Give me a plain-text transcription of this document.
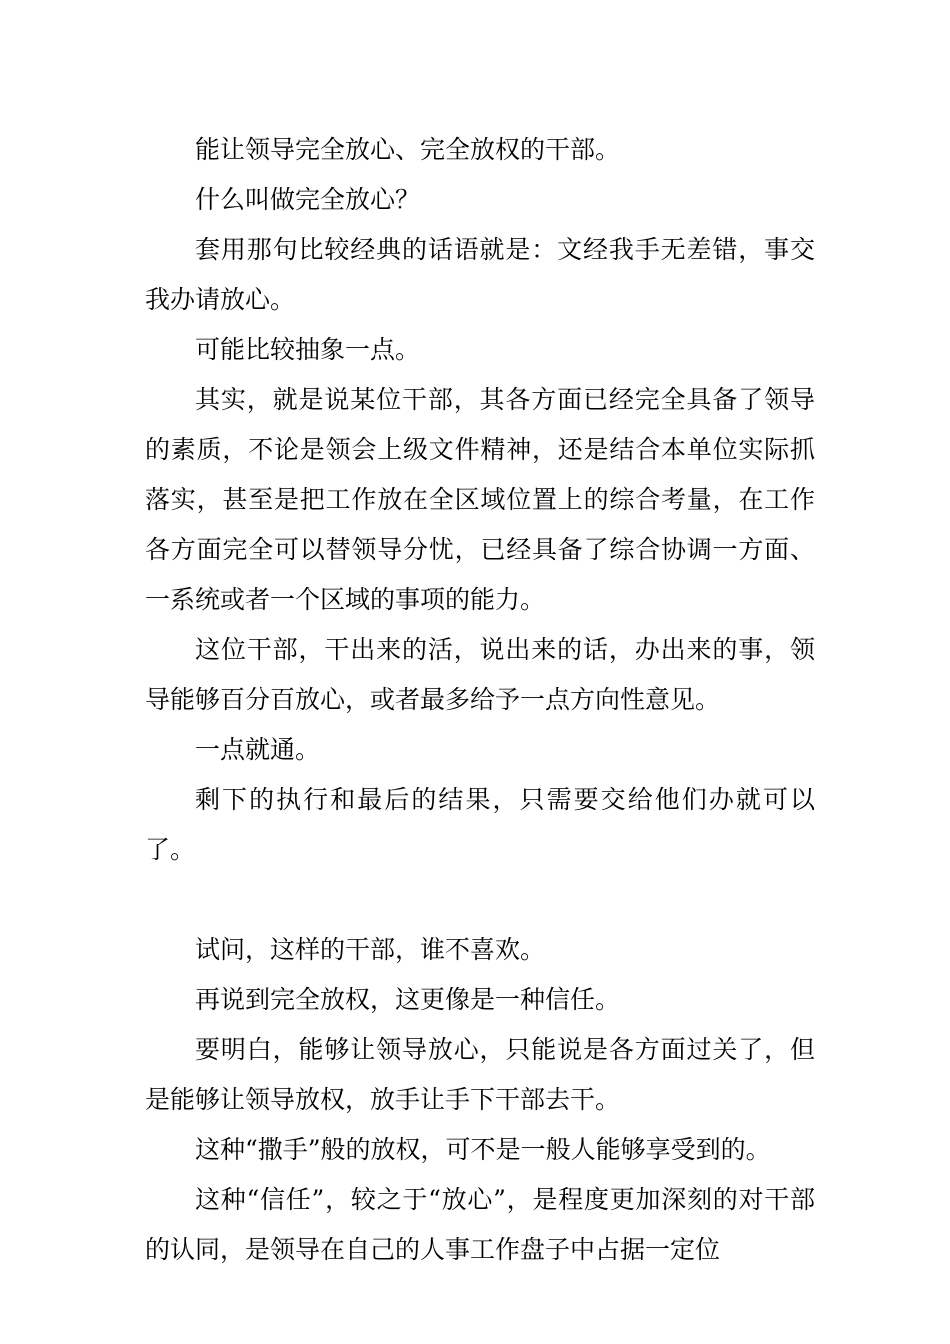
能让领导完全放心、完全放权的干部。

什么叫做完全放心？

套用那句比较经典的话语就是：文经我手无差错，事交我办请放心。

可能比较抽象一点。

其实，就是说某位干部，其各方面已经完全具备了领导的素质，不论是领会上级文件精神，还是结合本单位实际抓落实，甚至是把工作放在全区域位置上的综合考量，在工作各方面完全可以替领导分忧，已经具备了综合协调一方面、一系统或者一个区域的事项的能力。

这位干部，干出来的活，说出来的话，办出来的事，领导能够百分百放心，或者最多给予一点方向性意见。

一点就通。

剩下的执行和最后的结果，只需要交给他们办就可以了。

试问，这样的干部，谁不喜欢。

再说到完全放权，这更像是一种信任。

要明白，能够让领导放心，只能说是各方面过关了，但是能够让领导放权，放手让手下干部去干。

这种“撒手”般的放权，可不是一般人能够享受到的。

这种“信任”，较之于“放心”，是程度更加深刻的对干部的认同，是领导在自己的人事工作盘子中占据一定位
